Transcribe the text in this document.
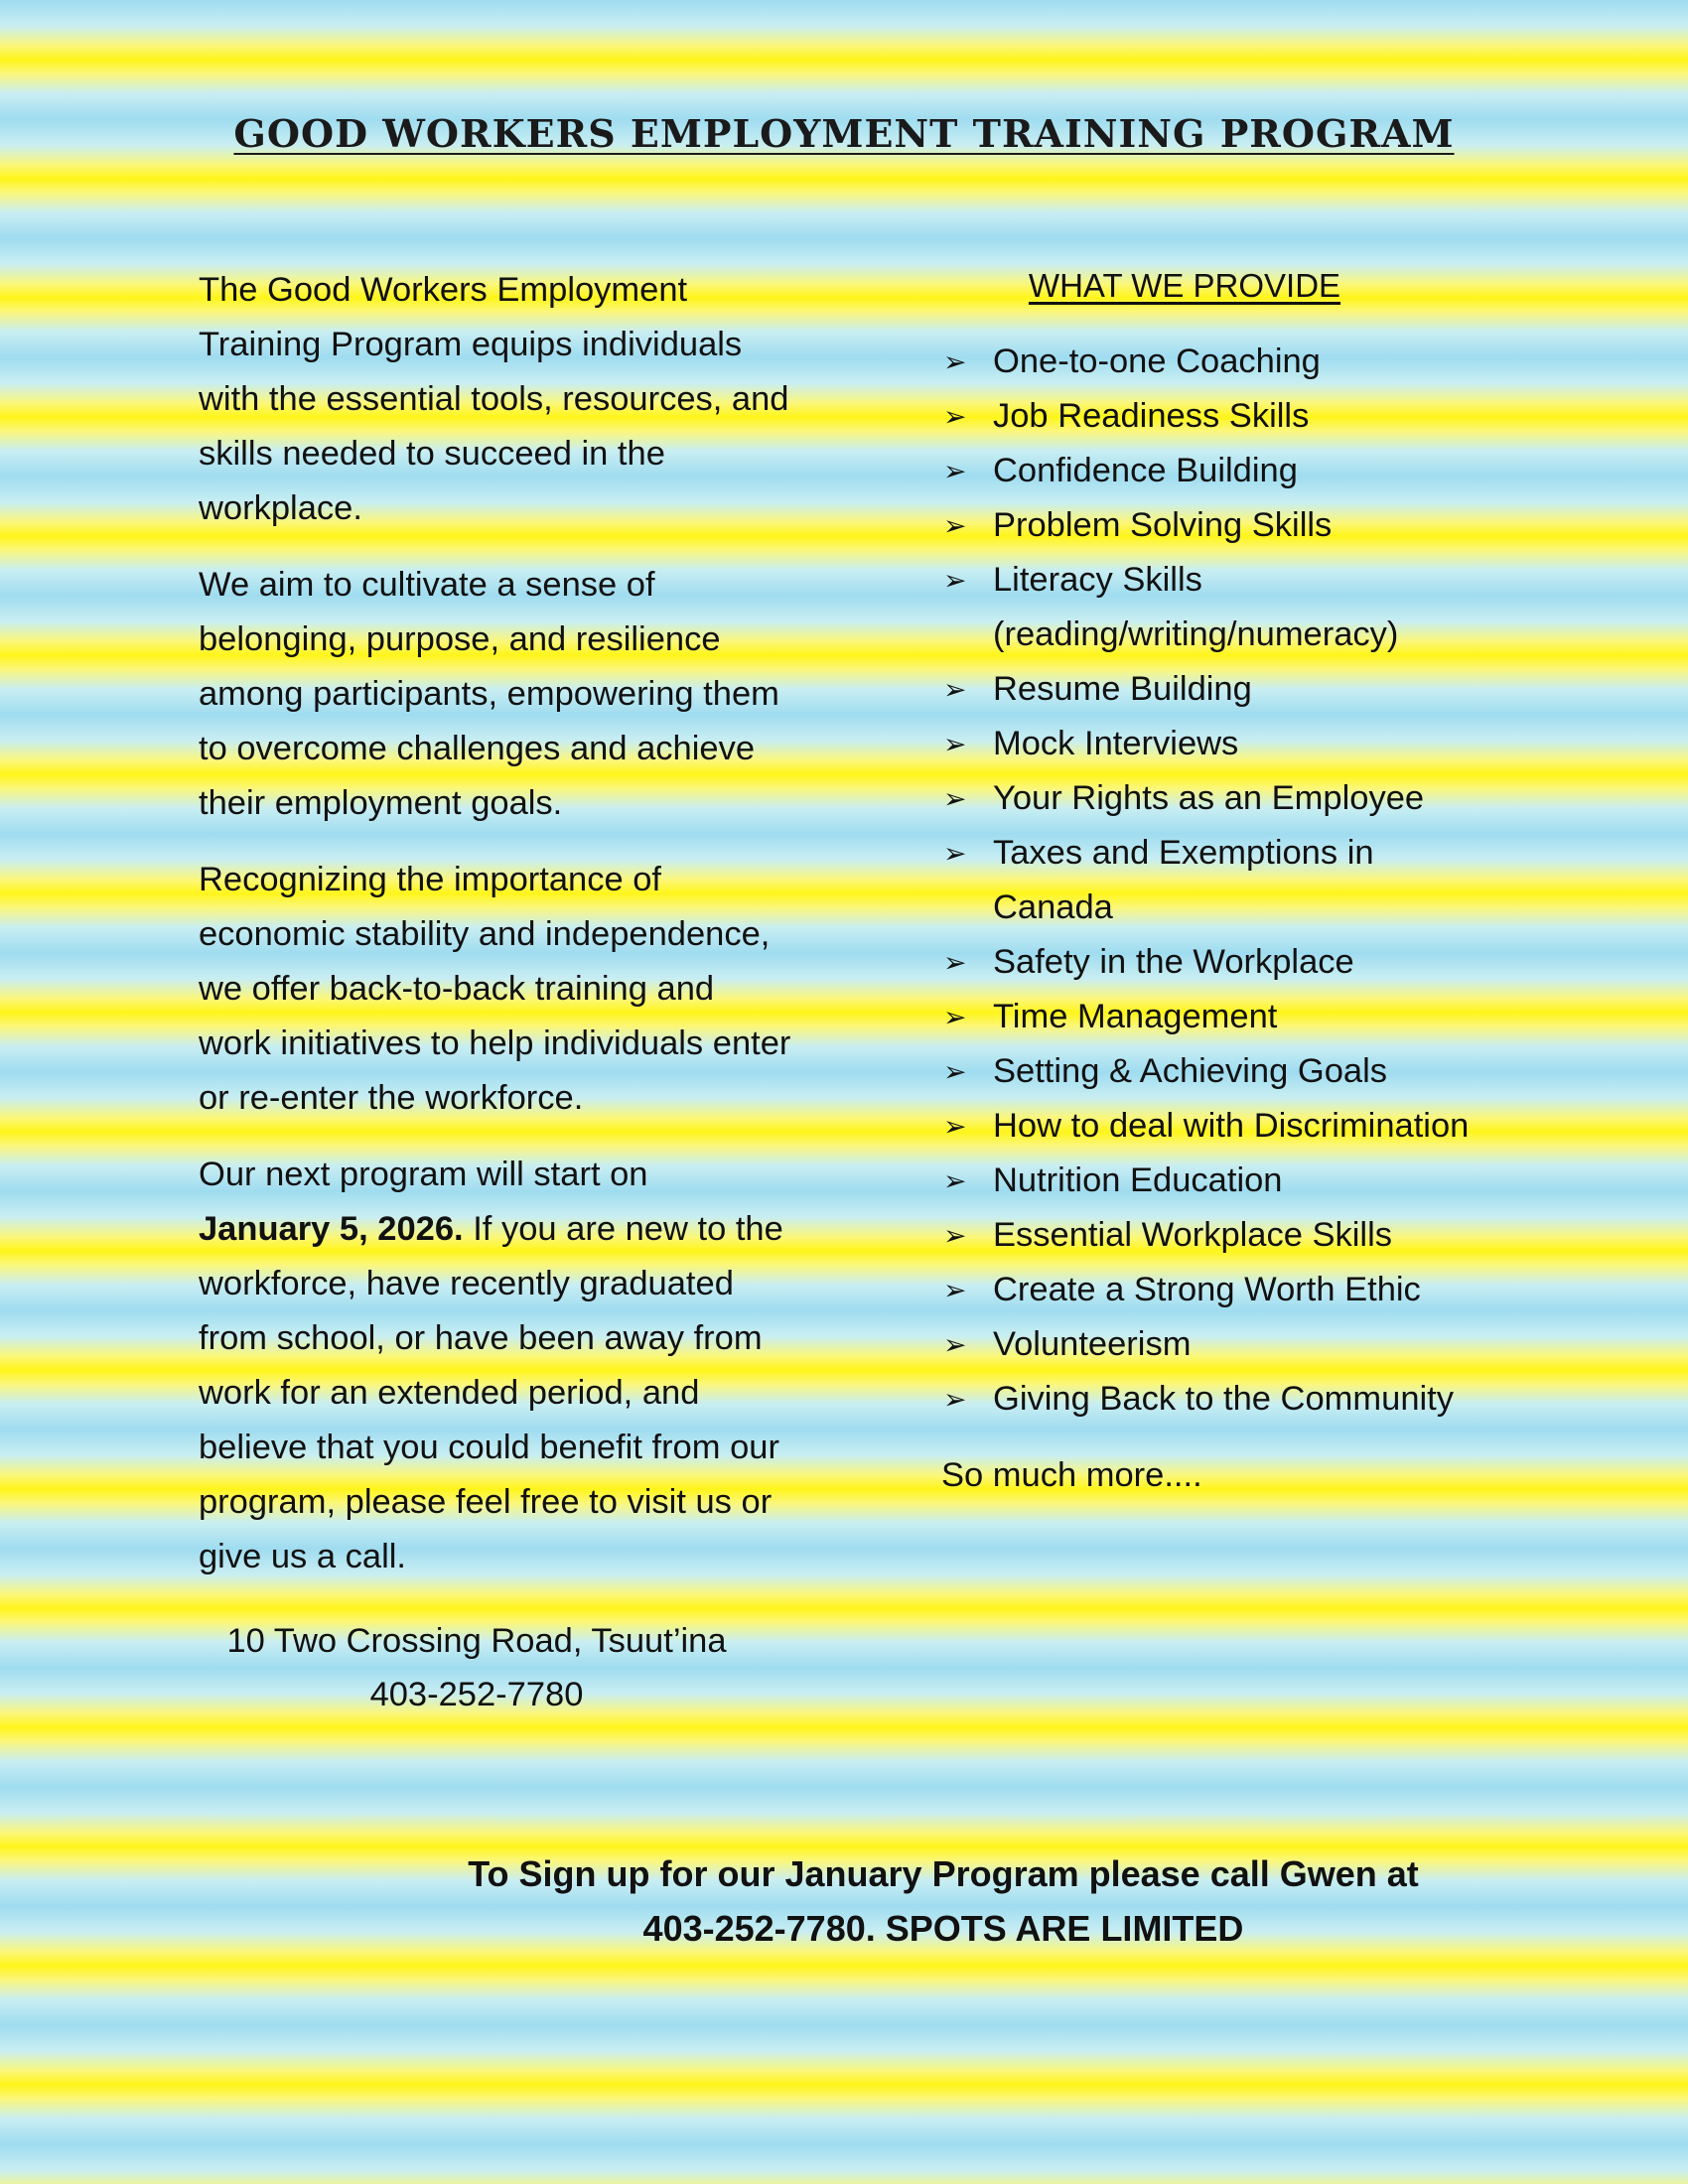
GOOD WORKERS EMPLOYMENT TRAINING PROGRAM

The Good Workers Employment Training Program equips individuals with the essential tools, resources, and skills needed to succeed in the workplace.

We aim to cultivate a sense of belonging, purpose, and resilience among participants, empowering them to overcome challenges and achieve their employment goals.

Recognizing the importance of economic stability and independence, we offer back-to-back training and work initiatives to help individuals enter or re-enter the workforce.

Our next program will start on
January 5, 2026. If you are new to the workforce, have recently graduated from school, or have been away from work for an extended period, and believe that you could benefit from our program, please feel free to visit us or give us a call.

10 Two Crossing Road, Tsuut’ina
403-252-7780
WHAT WE PROVIDE
➢ One-to-one Coaching
➢ Job Readiness Skills
➢ Confidence Building
➢ Problem Solving Skills
➢ Literacy Skills (reading/writing/numeracy)
➢ Resume Building
➢ Mock Interviews
➢ Your Rights as an Employee
➢ Taxes and Exemptions in Canada
➢ Safety in the Workplace
➢ Time Management
➢ Setting & Achieving Goals
➢ How to deal with Discrimination
➢ Nutrition Education
➢ Essential Workplace Skills
➢ Create a Strong Worth Ethic
➢ Volunteerism
➢ Giving Back to the Community
So much more....
To Sign up for our January Program please call Gwen at
403-252-7780. SPOTS ARE LIMITED
